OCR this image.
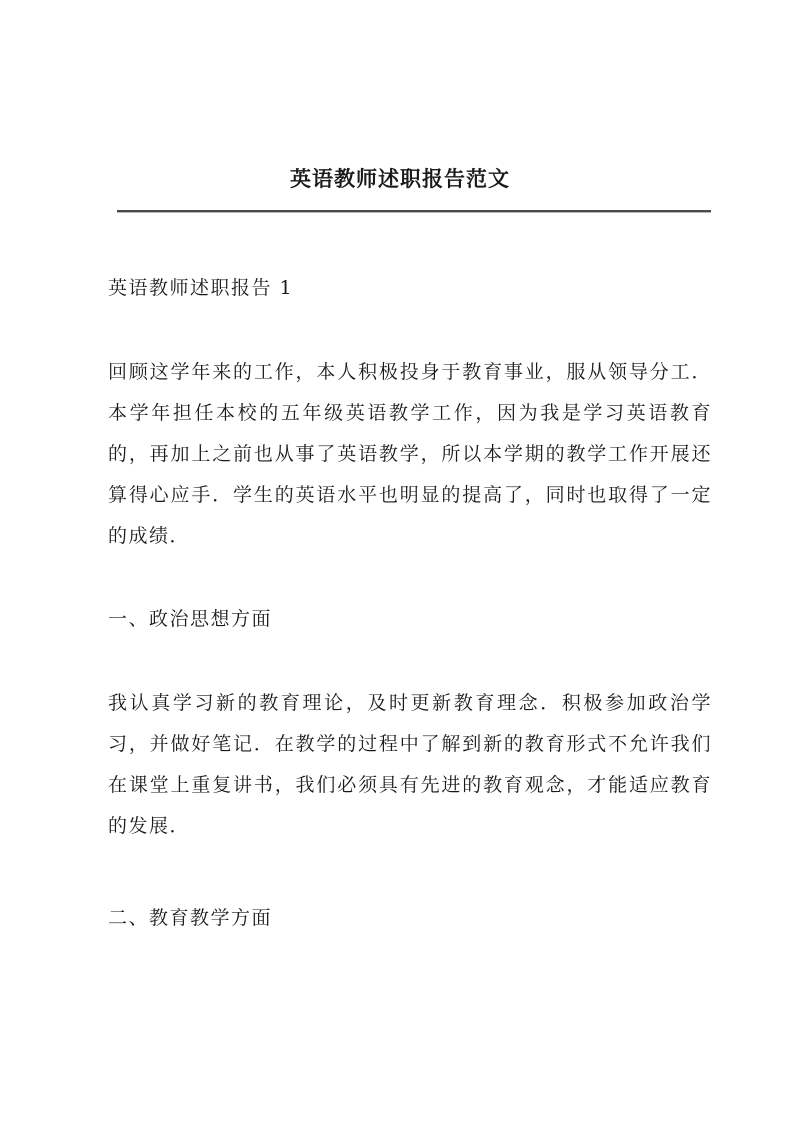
英语教师述职报告范文

英语教师述职报告 1

回顾这学年来的工作，本人积极投身于教育事业，服从领导分工．本学年担任本校的五年级英语教学工作，因为我是学习英语教育的，再加上之前也从事了英语教学，所以本学期的教学工作开展还算得心应手．学生的英语水平也明显的提高了，同时也取得了一定的成绩．

一、政治思想方面

我认真学习新的教育理论，及时更新教育理念．积极参加政治学习，并做好笔记．在教学的过程中了解到新的教育形式不允许我们在课堂上重复讲书，我们必须具有先进的教育观念，才能适应教育的发展．

二、教育教学方面
